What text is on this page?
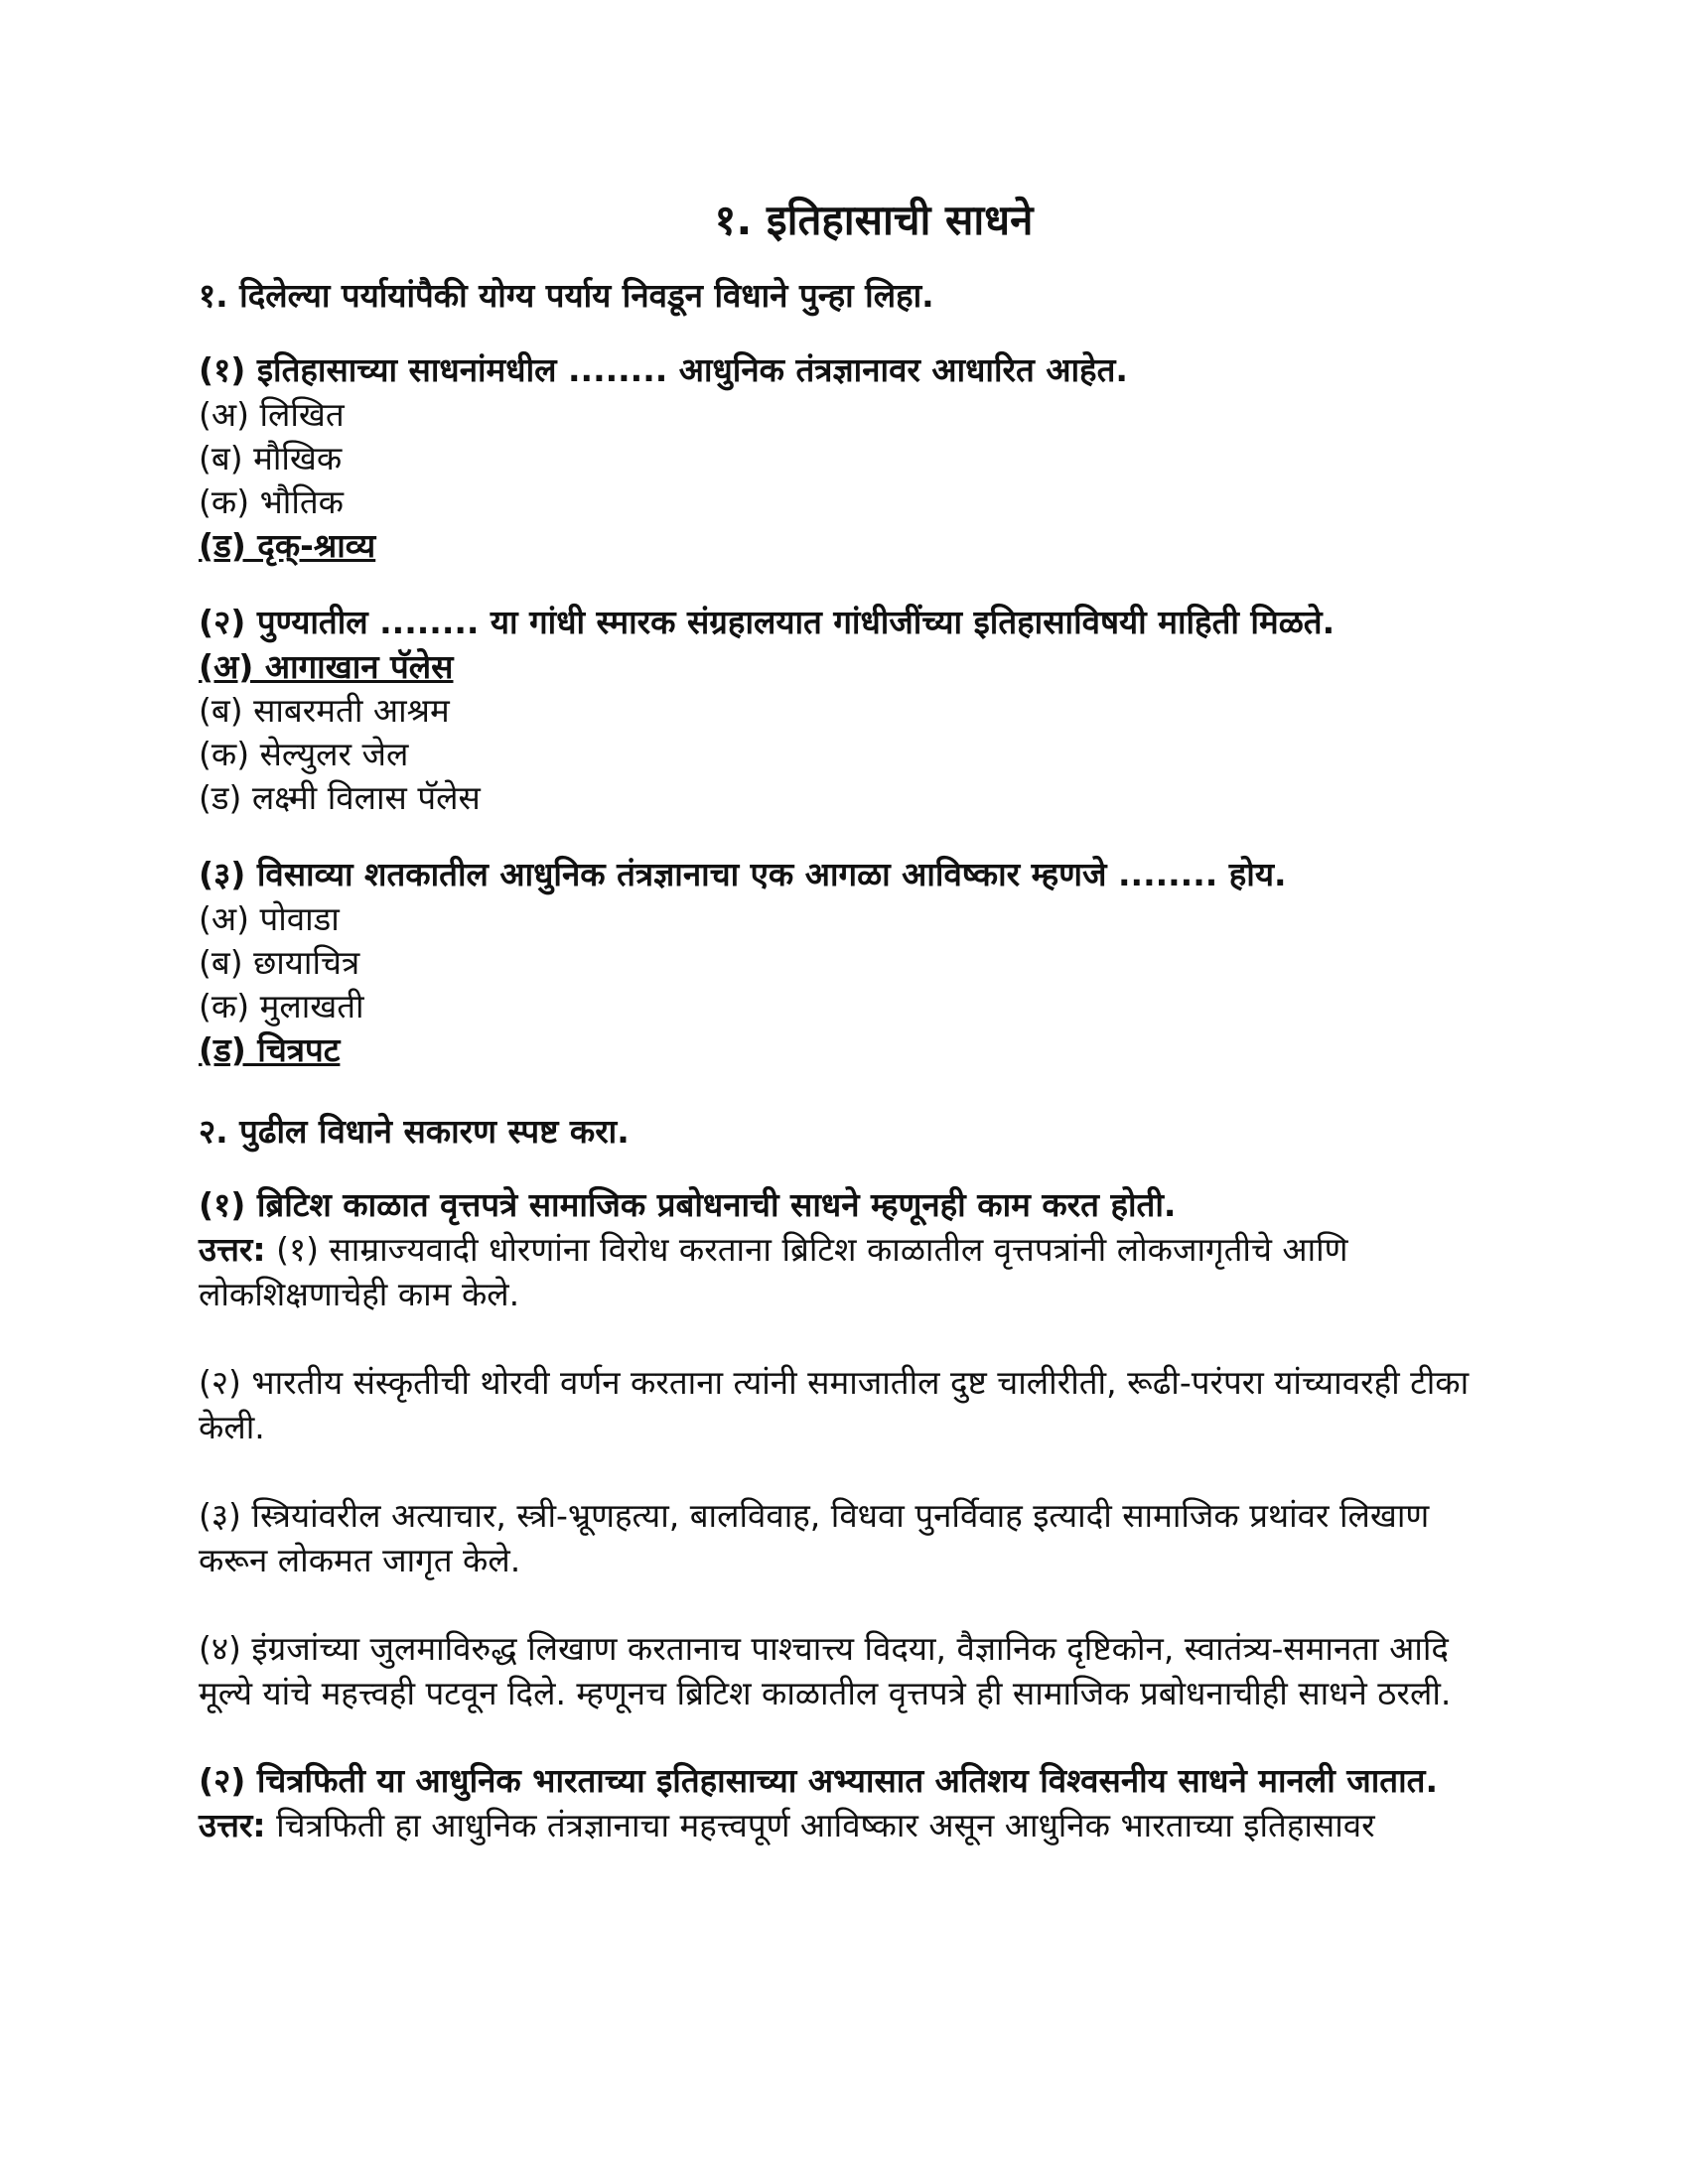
१. इतिहासाची साधने
१. दिलेल्या पर्यायांपैकी योग्य पर्याय निवडून विधाने पुन्हा लिहा.
(१) इतिहासाच्या साधनांमधील ........ आधुनिक तंत्रज्ञानावर आधारित आहेत.
(अ) लिखित
(ब) मौखिक
(क) भौतिक
(ड) दृक्-श्राव्य
(२) पुण्यातील ........ या गांधी स्मारक संग्रहालयात गांधीजींच्या इतिहासाविषयी माहिती मिळते.
(अ) आगाखान पॅलेस
(ब) साबरमती आश्रम
(क) सेल्युलर जेल
(ड) लक्ष्मी विलास पॅलेस
(३) विसाव्या शतकातील आधुनिक तंत्रज्ञानाचा एक आगळा आविष्कार म्हणजे ........ होय.
(अ) पोवाडा
(ब) छायाचित्र
(क) मुलाखती
(ड) चित्रपट
२. पुढील विधाने सकारण स्पष्ट करा.
(१) ब्रिटिश काळात वृत्तपत्रे सामाजिक प्रबोधनाची साधने म्हणूनही काम करत होती.
उत्तर: (१) साम्राज्यवादी धोरणांना विरोध करताना ब्रिटिश काळातील वृत्तपत्रांनी लोकजागृतीचे आणि लोकशिक्षणाचेही काम केले.
(२) भारतीय संस्कृतीची थोरवी वर्णन करताना त्यांनी समाजातील दुष्ट चालीरीती, रूढी-परंपरा यांच्यावरही टीका केली.
(३) स्त्रियांवरील अत्याचार, स्त्री-भ्रूणहत्या, बालविवाह, विधवा पुनर्विवाह इत्यादी सामाजिक प्रथांवर लिखाण करून लोकमत जागृत केले.
(४) इंग्रजांच्या जुलमाविरुद्ध लिखाण करतानाच पाश्चात्त्य विदया, वैज्ञानिक दृष्टिकोन, स्वातंत्र्य-समानता आदि मूल्ये यांचे महत्त्वही पटवून दिले. म्हणूनच ब्रिटिश काळातील वृत्तपत्रे ही सामाजिक प्रबोधनाचीही साधने ठरली.
(२) चित्रफिती या आधुनिक भारताच्या इतिहासाच्या अभ्यासात अतिशय विश्वसनीय साधने मानली जातात.
उत्तर: चित्रफिती हा आधुनिक तंत्रज्ञानाचा महत्त्वपूर्ण आविष्कार असून आधुनिक भारताच्या इतिहासावर
